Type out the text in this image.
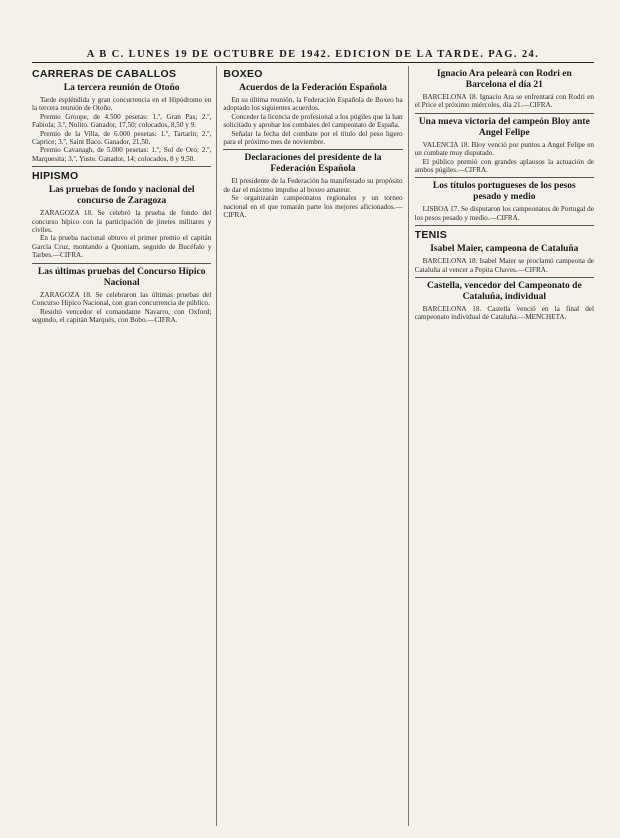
A B C. LUNES 19 DE OCTUBRE DE 1942. EDICION DE LA TARDE. PAG. 24.
CARRERAS DE CABALLOS
La tercera reunión de Otoño
Tarde espléndida y gran concurrencia en el Hipódromo en la tercera reunión de Otoño.
Premio Groupe, de 4.500 pesetas: 1.º, Gran Pas; 2.º, Fabiola; 3.º, Nolito. Ganador, 17,50; colocados, 8,50 y 9.
Premio de la Villa, de 6.000 pesetas: 1.º, Tartarín; 2.º, Caprice; 3.º, Saint Baco. Ganador, 21,50.
Premio Cavanagh, de 5.000 pesetas: 1.º, Sol de Oro; 2.º, Marquesita; 3.º, Yuste. Ganador, 14; colocados, 8 y 9,50.
HIPISMO
Las pruebas de fondo y nacional del concurso de Zaragoza
ZARAGOZA 18. Se celebró la prueba de fondo del concurso hípico con la participación de jinetes militares y civiles.
En la prueba nacional obtuvo el primer premio el capitán García Cruz, montando a Quoniam, seguido de Bucéfalo y Tarbes.—CIFRA.
Las últimas pruebas del Concurso Hípico Nacional
ZARAGOZA 18. Se celebraron las últimas pruebas del Concurso Hípico Nacional, con gran concurrencia de público.
Resultó vencedor el comandante Navarro, con Oxford; segundo, el capitán Marqués, con Bobo.—CIFRA.
BOXEO
Acuerdos de la Federación Española
En su última reunión, la Federación Española de Boxeo ha adoptado los siguientes acuerdos.
Conceder la licencia de profesional a los púgiles que la han solicitado y aprobar los combates del campeonato de España.
Señalar la fecha del combate por el título del peso ligero para el próximo mes de noviembre.
Declaraciones del presidente de la Federación Española
El presidente de la Federación ha manifestado su propósito de dar el máximo impulso al boxeo amateur.
Se organizarán campeonatos regionales y un torneo nacional en el que tomarán parte los mejores aficionados.—CIFRA.
Ignacio Ara pelearà con Rodri en Barcelona el día 21
BARCELONA 18. Ignacio Ara se enfrentará con Rodri en el Price el próximo miércoles, día 21.—CIFRA.
Una nueva victoria del campeón Bloy ante Angel Felipe
VALENCIA 18. Bloy venció por puntos a Angel Felipe en un combate muy disputado.
El público premió con grandes aplausos la actuación de ambos púgiles.—CIFRA.
Los títulos portugueses de los pesos pesado y medio
LISBOA 17. Se disputaron los campeonatos de Portugal de los pesos pesado y medio.—CIFRA.
TENIS
Isabel Maier, campeona de Cataluña
BARCELONA 18. Isabel Maier se proclamó campeona de Cataluña al vencer a Pepita Chaves.—CIFRA.
Castella, vencedor del Campeonato de Cataluña, individual
BARCELONA 18. Castella venció en la final del campeonato individual de Cataluña.—MENCHETA.
